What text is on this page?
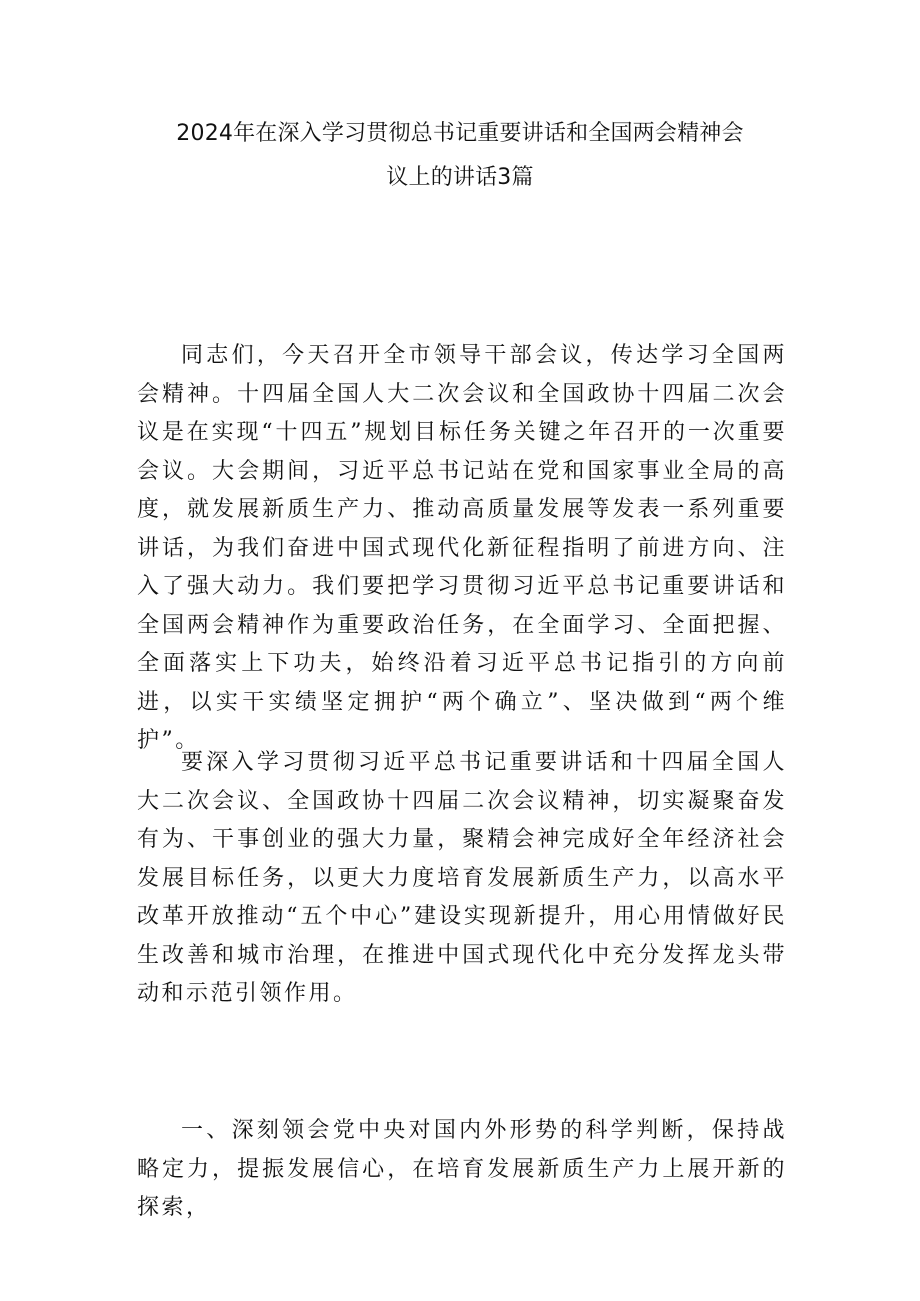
2024年在深入学习贯彻总书记重要讲话和全国两会精神会
议上的讲话3篇

同志们，今天召开全市领导干部会议，传达学习全国两会精神。十四届全国人大二次会议和全国政协十四届二次会议是在实现“十四五”规划目标任务关键之年召开的一次重要会议。大会期间，习近平总书记站在党和国家事业全局的高度，就发展新质生产力、推动高质量发展等发表一系列重要讲话，为我们奋进中国式现代化新征程指明了前进方向、注入了强大动力。我们要把学习贯彻习近平总书记重要讲话和全国两会精神作为重要政治任务，在全面学习、全面把握、全面落实上下功夫，始终沿着习近平总书记指引的方向前进，以实干实绩坚定拥护“两个确立”、坚决做到“两个维护”。

要深入学习贯彻习近平总书记重要讲话和十四届全国人大二次会议、全国政协十四届二次会议精神，切实凝聚奋发有为、干事创业的强大力量，聚精会神完成好全年经济社会发展目标任务，以更大力度培育发展新质生产力，以高水平改革开放推动“五个中心”建设实现新提升，用心用情做好民生改善和城市治理，在推进中国式现代化中充分发挥龙头带动和示范引领作用。

一、深刻领会党中央对国内外形势的科学判断，保持战略定力，提振发展信心，在培育发展新质生产力上展开新的探索，
